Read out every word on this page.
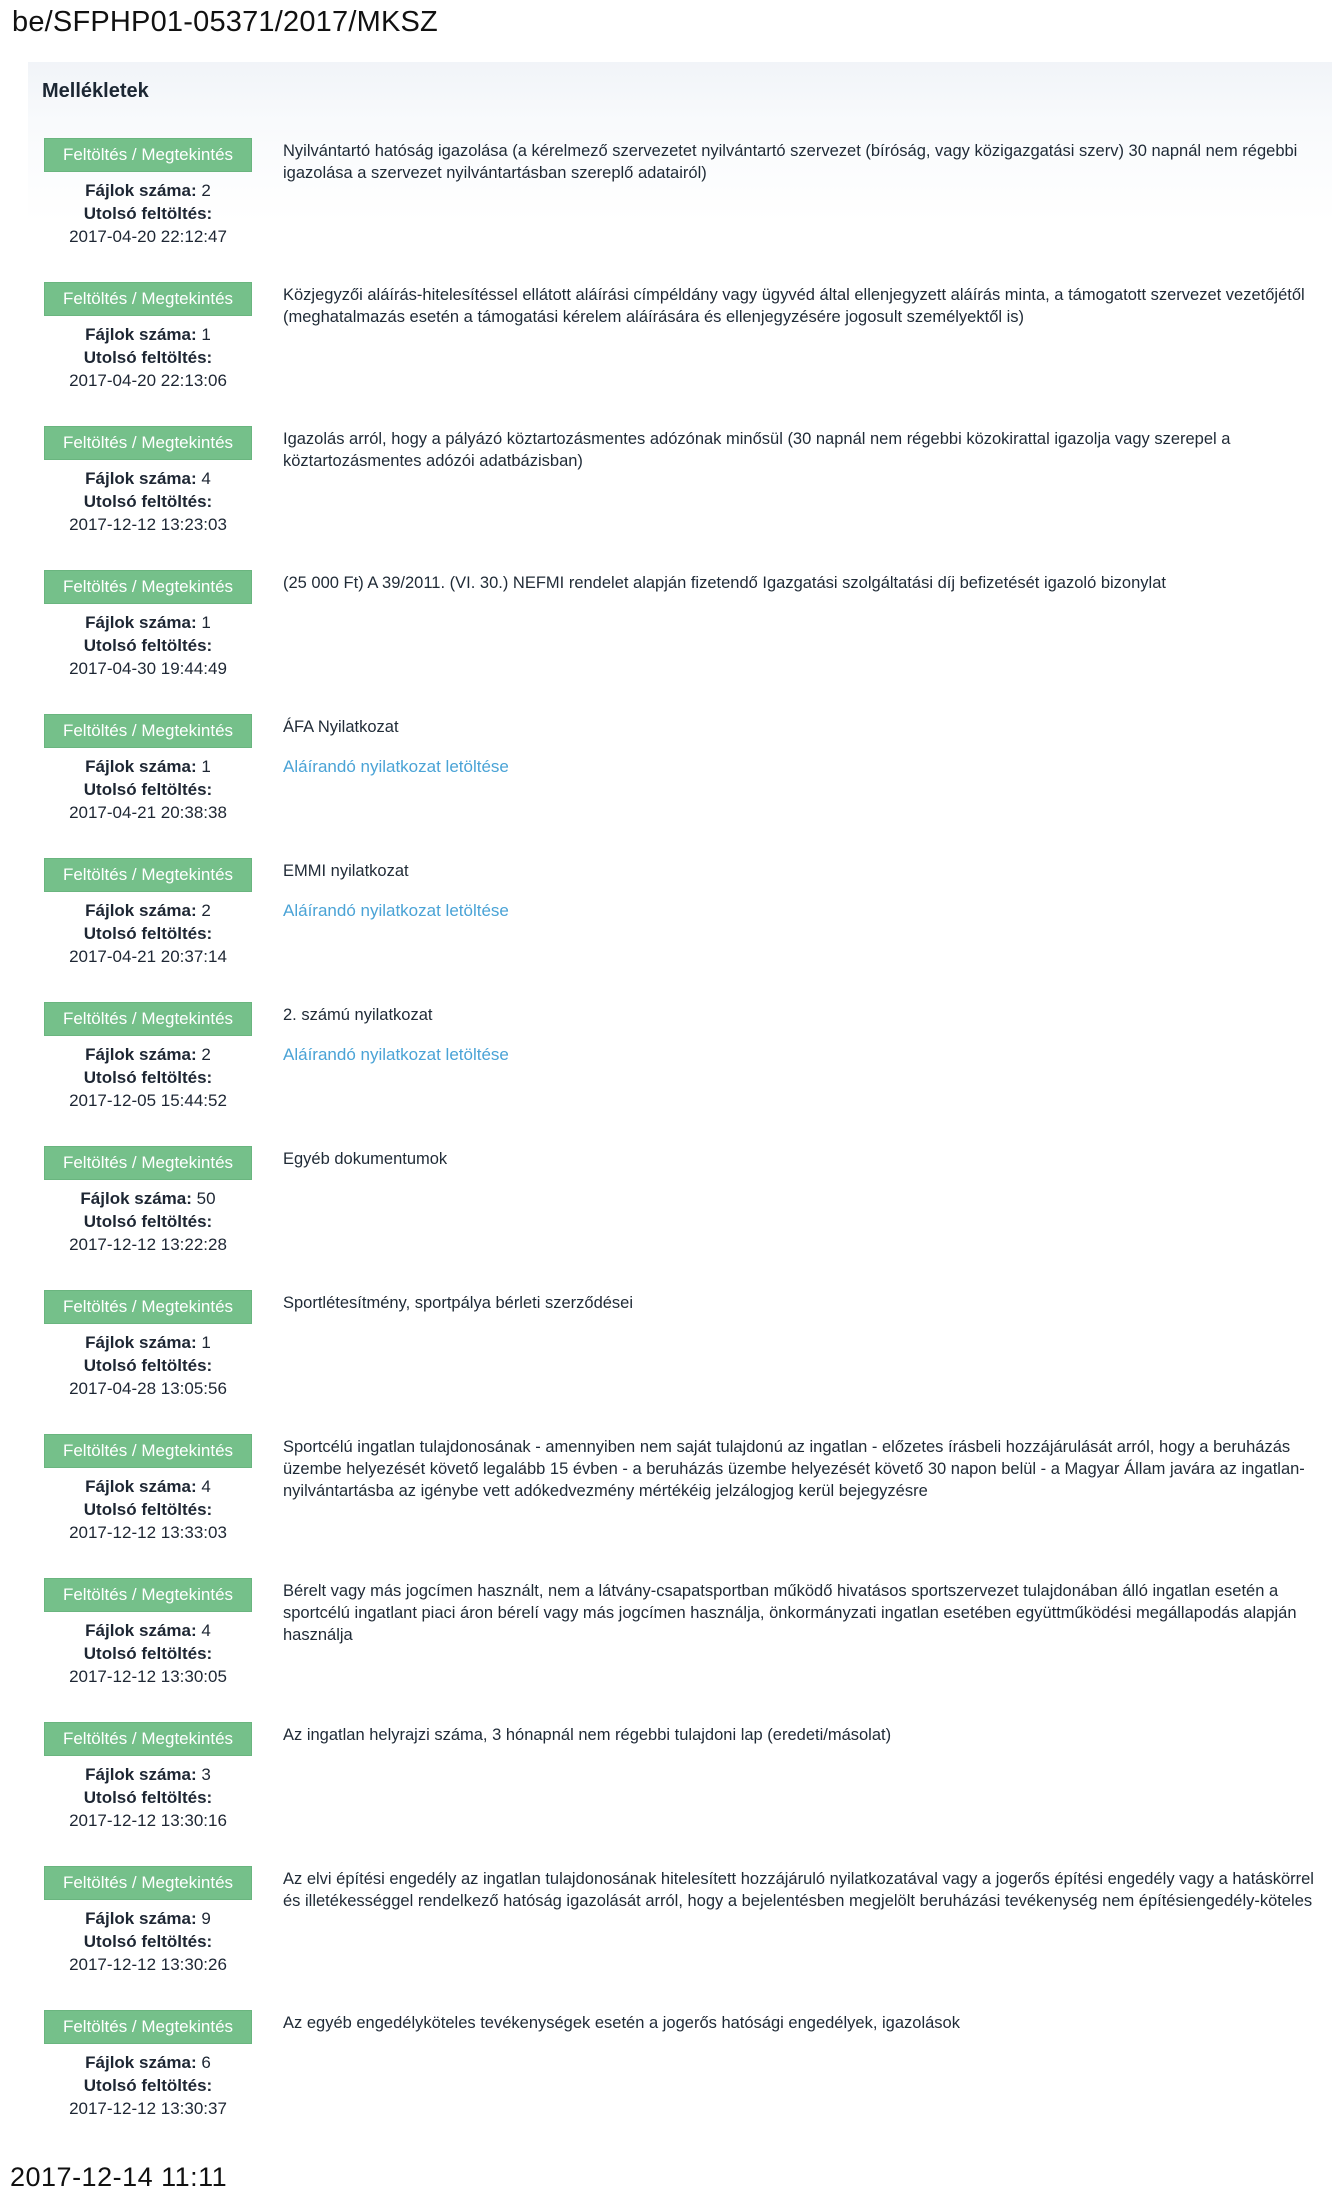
be/SFPHP01-05371/2017/MKSZ
Mellékletek
Feltöltés / Megtekintés
Fájlok száma: 2
Utolsó feltöltés:
2017-04-20 22:12:47
Nyilvántartó hatóság igazolása (a kérelmező szervezetet nyilvántartó szervezet (bíróság, vagy közigazgatási szerv) 30 napnál nem régebbi igazolása a szervezet nyilvántartásban szereplő adatairól)
Feltöltés / Megtekintés
Fájlok száma: 1
Utolsó feltöltés:
2017-04-20 22:13:06
Közjegyzői aláírás-hitelesítéssel ellátott aláírási címpéldány vagy ügyvéd által ellenjegyzett aláírás minta, a támogatott szervezet vezetőjétől (meghatalmazás esetén a támogatási kérelem aláírására és ellenjegyzésére jogosult személyektől is)
Feltöltés / Megtekintés
Fájlok száma: 4
Utolsó feltöltés:
2017-12-12 13:23:03
Igazolás arról, hogy a pályázó köztartozásmentes adózónak minősül (30 napnál nem régebbi közokirattal igazolja vagy szerepel a köztartozásmentes adózói adatbázisban)
Feltöltés / Megtekintés
Fájlok száma: 1
Utolsó feltöltés:
2017-04-30 19:44:49
(25 000 Ft) A 39/2011. (VI. 30.) NEFMI rendelet alapján fizetendő Igazgatási szolgáltatási díj befizetését igazoló bizonylat
Feltöltés / Megtekintés
Fájlok száma: 1
Utolsó feltöltés:
2017-04-21 20:38:38
ÁFA Nyilatkozat
Aláírandó nyilatkozat letöltése
Feltöltés / Megtekintés
Fájlok száma: 2
Utolsó feltöltés:
2017-04-21 20:37:14
EMMI nyilatkozat
Aláírandó nyilatkozat letöltése
Feltöltés / Megtekintés
Fájlok száma: 2
Utolsó feltöltés:
2017-12-05 15:44:52
2. számú nyilatkozat
Aláírandó nyilatkozat letöltése
Feltöltés / Megtekintés
Fájlok száma: 50
Utolsó feltöltés:
2017-12-12 13:22:28
Egyéb dokumentumok
Feltöltés / Megtekintés
Fájlok száma: 1
Utolsó feltöltés:
2017-04-28 13:05:56
Sportlétesítmény, sportpálya bérleti szerződései
Feltöltés / Megtekintés
Fájlok száma: 4
Utolsó feltöltés:
2017-12-12 13:33:03
Sportcélú ingatlan tulajdonosának - amennyiben nem saját tulajdonú az ingatlan - előzetes írásbeli hozzájárulását arról, hogy a beruházás üzembe helyezését követő legalább 15 évben - a beruházás üzembe helyezését követő 30 napon belül - a Magyar Állam javára az ingatlan-nyilvántartásba az igénybe vett adókedvezmény mértékéig jelzálogjog kerül bejegyzésre
Feltöltés / Megtekintés
Fájlok száma: 4
Utolsó feltöltés:
2017-12-12 13:30:05
Bérelt vagy más jogcímen használt, nem a látvány-csapatsportban működő hivatásos sportszervezet tulajdonában álló ingatlan esetén a sportcélú ingatlant piaci áron bérelí vagy más jogcímen használja, önkormányzati ingatlan esetében együttműködési megállapodás alapján használja
Feltöltés / Megtekintés
Fájlok száma: 3
Utolsó feltöltés:
2017-12-12 13:30:16
Az ingatlan helyrajzi száma, 3 hónapnál nem régebbi tulajdoni lap (eredeti/másolat)
Feltöltés / Megtekintés
Fájlok száma: 9
Utolsó feltöltés:
2017-12-12 13:30:26
Az elvi építési engedély az ingatlan tulajdonosának hitelesített hozzájáruló nyilatkozatával vagy a jogerős építési engedély vagy a hatáskörrel és illetékességgel rendelkező hatóság igazolását arról, hogy a bejelentésben megjelölt beruházási tevékenység nem építésiengedély-köteles
Feltöltés / Megtekintés
Fájlok száma: 6
Utolsó feltöltés:
2017-12-12 13:30:37
Az egyéb engedélyköteles tevékenységek esetén a jogerős hatósági engedélyek, igazolások
2017-12-14 11:11
